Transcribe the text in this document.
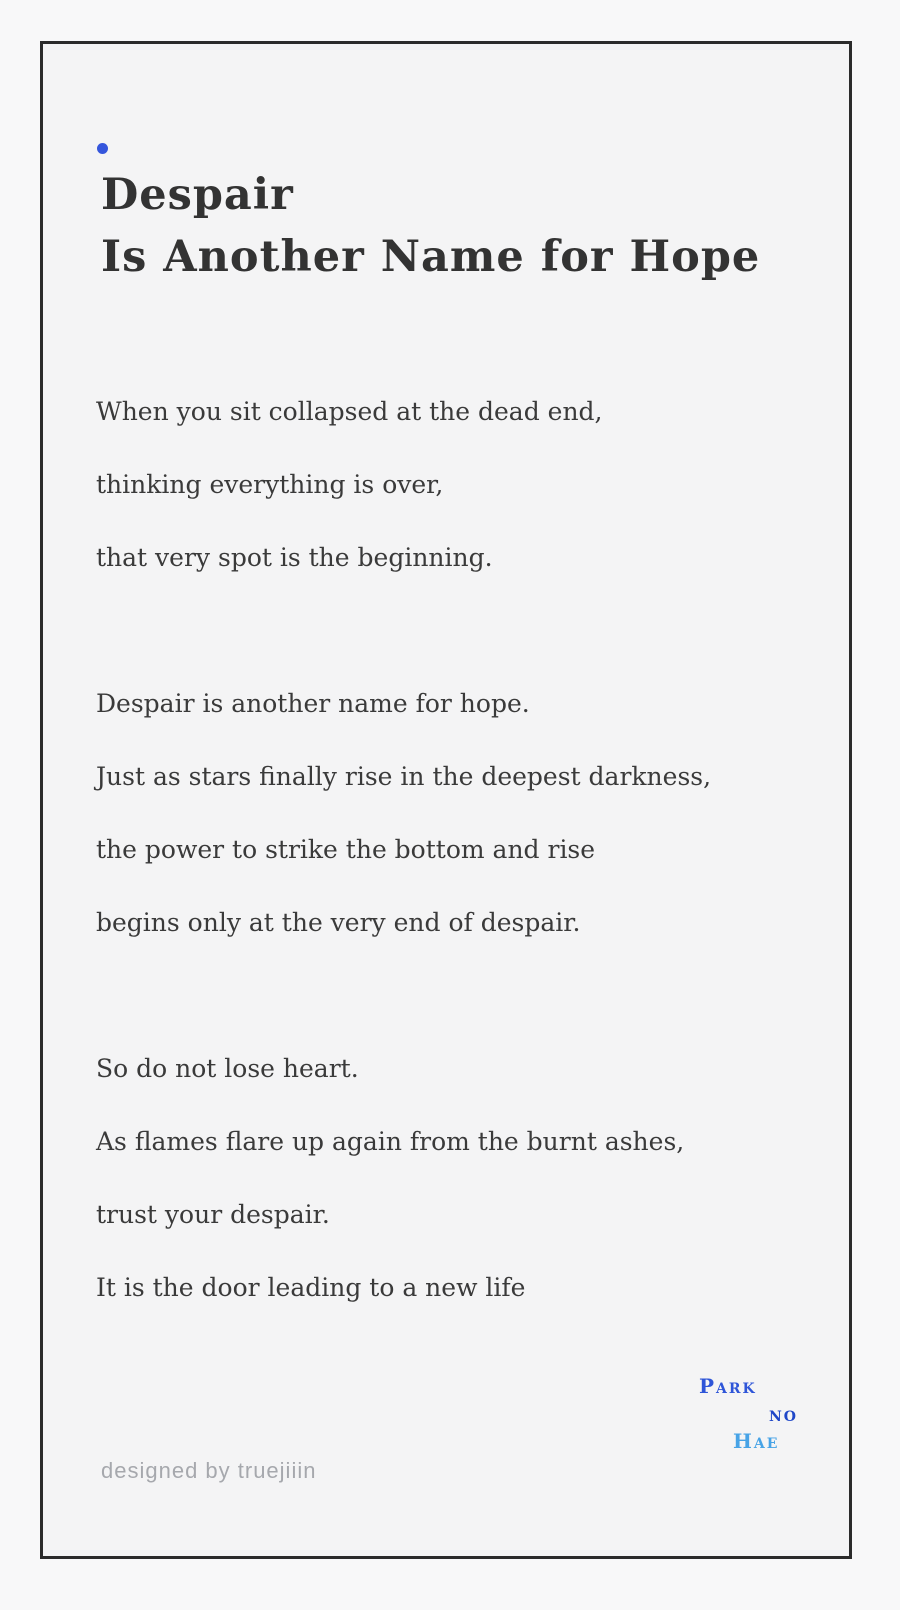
Despair
Is Another Name for Hope
When you sit collapsed at the dead end,
thinking everything is over,
that very spot is the beginning.
Despair is another name for hope.
Just as stars finally rise in the deepest darkness,
the power to strike the bottom and rise
begins only at the very end of despair.
So do not lose heart.
As flames flare up again from the burnt ashes,
trust your despair.
It is the door leading to a new life
Park
no
Hae
designed by truejiiin
